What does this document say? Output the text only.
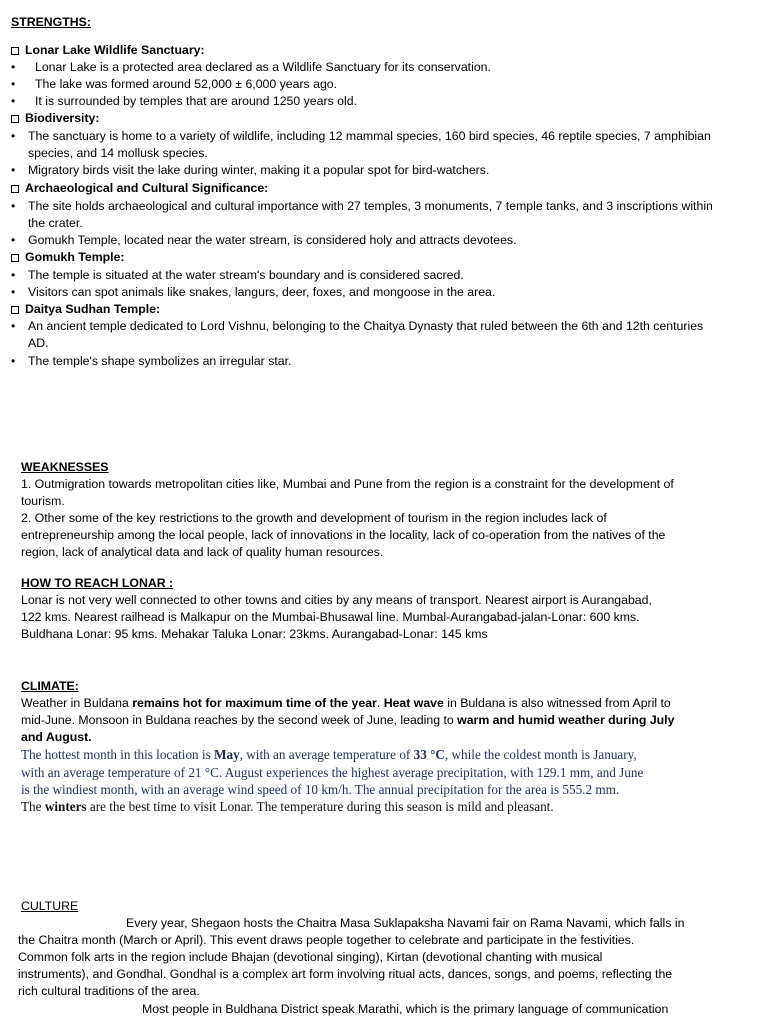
STRENGTHS:
Lonar Lake Wildlife Sanctuary:
• Lonar Lake is a protected area declared as a Wildlife Sanctuary for its conservation.
• The lake was formed around 52,000 ± 6,000 years ago.
• It is surrounded by temples that are around 1250 years old.
Biodiversity:
• The sanctuary is home to a variety of wildlife, including 12 mammal species, 160 bird species, 46 reptile species, 7 amphibian
species, and 14 mollusk species.
• Migratory birds visit the lake during winter, making it a popular spot for bird-watchers.
Archaeological and Cultural Significance:
• The site holds archaeological and cultural importance with 27 temples, 3 monuments, 7 temple tanks, and 3 inscriptions within
the crater.
• Gomukh Temple, located near the water stream, is considered holy and attracts devotees.
Gomukh Temple:
• The temple is situated at the water stream's boundary and is considered sacred.
• Visitors can spot animals like snakes, langurs, deer, foxes, and mongoose in the area.
Daitya Sudhan Temple:
• An ancient temple dedicated to Lord Vishnu, belonging to the Chaitya Dynasty that ruled between the 6th and 12th centuries
AD.
• The temple's shape symbolizes an irregular star.
WEAKNESSES
1. Outmigration towards metropolitan cities like, Mumbai and Pune from the region is a constraint for the development of
tourism.
2. Other some of the key restrictions to the growth and development of tourism in the region includes lack of
entrepreneurship among the local people, lack of innovations in the locality, lack of co-operation from the natives of the
region, lack of analytical data and lack of quality human resources.
HOW TO REACH LONAR :
Lonar is not very well connected to other towns and cities by any means of transport. Nearest airport is Aurangabad,
122 kms. Nearest railhead is Malkapur on the Mumbai-Bhusawal line. Mumbal-Aurangabad-jalan-Lonar: 600 kms.
Buldhana Lonar: 95 kms. Mehakar Taluka Lonar: 23kms. Aurangabad-Lonar: 145 kms
CLIMATE:
Weather in Buldana remains hot for maximum time of the year. Heat wave in Buldana is also witnessed from April to
mid-June. Monsoon in Buldana reaches by the second week of June, leading to warm and humid weather during July
and August.
The hottest month in this location is May, with an average temperature of 33 °C, while the coldest month is January,
with an average temperature of 21 °C. August experiences the highest average precipitation, with 129.1 mm, and June
is the windiest month, with an average wind speed of 10 km/h. The annual precipitation for the area is 555.2 mm.
The winters are the best time to visit Lonar. The temperature during this season is mild and pleasant.
CULTURE
Every year, Shegaon hosts the Chaitra Masa Suklapaksha Navami fair on Rama Navami, which falls in
the Chaitra month (March or April). This event draws people together to celebrate and participate in the festivities.
Common folk arts in the region include Bhajan (devotional singing), Kirtan (devotional chanting with musical
instruments), and Gondhal. Gondhal is a complex art form involving ritual acts, dances, songs, and poems, reflecting the
rich cultural traditions of the area.
Most people in Buldhana District speak Marathi, which is the primary language of communication
